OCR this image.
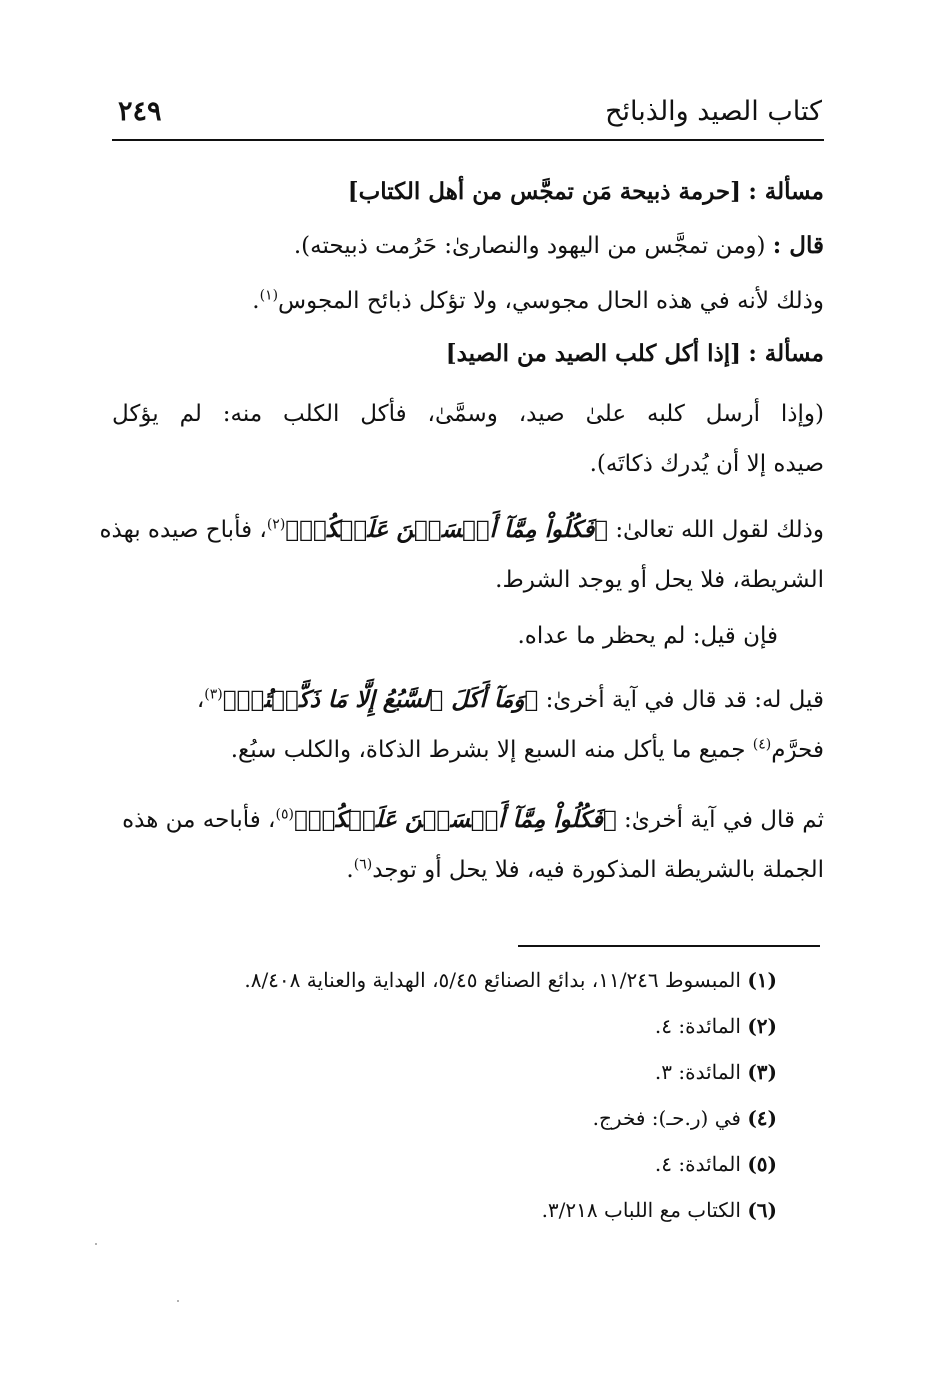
كتاب الصيد والذبائح
٢٤٩
مسألة : [حرمة ذبيحة مَن تمجَّس من أهل الكتاب]
قال : (ومن تمجَّس من اليهود والنصارىٰ: حَرُمت ذبيحته).
وذلك لأنه في هذه الحال مجوسي، ولا تؤكل ذبائح المجوس$^{(١)}$.
مسألة : [إذا أكل كلب الصيد من الصيد]
(وإذا أرسل كلبه علىٰ صيد، وسمَّىٰ، فأكل الكلب منه: لم يؤكل
صيده إلا أن يُدرك ذكاتَه).
وذلك لقول الله تعالىٰ: ﴿فَكُلُواْ مِمَّآ أَمۡسَكۡنَ عَلَيۡكُمۡ﴾$^{(٢)}$، فأباح صيده بهذه
الشريطة، فلا يحل أو يوجد الشرط.
فإن قيل: لم يحظر ما عداه.
قيل له: قد قال في آية أخرىٰ: ﴿وَمَآ أَكَلَ ٱلسَّبُعُ إِلَّا مَا ذَكَّيۡتُمۡ﴾$^{(٣)}$،
فحرَّم$^{(٤)}$ جميع ما يأكل منه السبع إلا بشرط الذكاة، والكلب سبُع.
ثم قال في آية أخرىٰ: ﴿فَكُلُواْ مِمَّآ أَمۡسَكۡنَ عَلَيۡكُمۡ﴾$^{(٥)}$، فأباحه من هذه
الجملة بالشريطة المذكورة فيه، فلا يحل أو توجد$^{(٦)}$.
(١) المبسوط ١١/٢٤٦، بدائع الصنائع ٥/٤٥، الهداية والعناية ٨/٤٠٨.
(٢) المائدة: ٤.
(٣) المائدة: ٣.
(٤) في (ر.حـ): فخرج.
(٥) المائدة: ٤.
(٦) الكتاب مع اللباب ٣/٢١٨.
